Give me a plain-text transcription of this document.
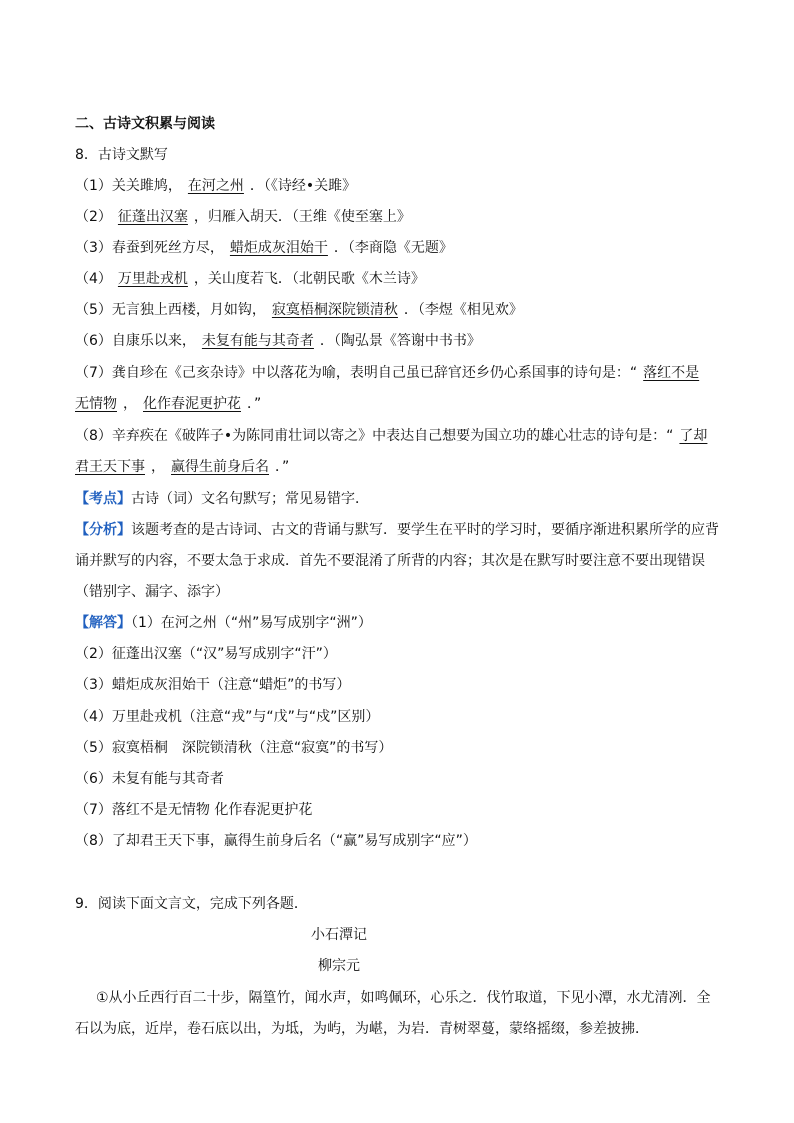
二、古诗文积累与阅读
8．古诗文默写
（1）关关雎鸠， 在河之州 ．（《诗经•关雎》
（2） 征蓬出汉塞 ，归雁入胡天．（王维《使至塞上》
（3）春蚕到死丝方尽， 蜡炬成灰泪始干 ．（李商隐《无题》
（4） 万里赴戎机 ，关山度若飞．（北朝民歌《木兰诗》
（5）无言独上西楼，月如钩， 寂寞梧桐深院锁清秋 ．（李煜《相见欢》
（6）自康乐以来， 未复有能与其奇者 ．（陶弘景《答谢中书书》
（7）龚自珍在《己亥杂诗》中以落花为喻，表明自己虽已辞官还乡仍心系国事的诗句是：“ 落红不是
无情物 ， 化作春泥更护花 ．”
（8）辛弃疾在《破阵子•为陈同甫壮词以寄之》中表达自己想要为国立功的雄心壮志的诗句是：“ 了却
君王天下事 ， 赢得生前身后名 ．”
【考点】古诗（词）文名句默写；常见易错字．
【分析】该题考查的是古诗词、古文的背诵与默写．要学生在平时的学习时，要循序渐进积累所学的应背
诵并默写的内容，不要太急于求成．首先不要混淆了所背的内容；其次是在默写时要注意不要出现错误
（错别字、漏字、添字）
【解答】（1）在河之州（“州”易写成别字“洲”）
（2）征蓬出汉塞（“汉”易写成别字“汗”）
（3）蜡炬成灰泪始干（注意“蜡炬”的书写）
（4）万里赴戎机（注意“戎”与“戊”与“戍”区别）
（5）寂寞梧桐　深院锁清秋（注意“寂寞”的书写）
（6）未复有能与其奇者
（7）落红不是无情物 化作春泥更护花
（8）了却君王天下事，赢得生前身后名（“赢”易写成别字“应”）
9．阅读下面文言文，完成下列各题．
小石潭记
柳宗元
①从小丘西行百二十步，隔篁竹，闻水声，如鸣佩环，心乐之．伐竹取道，下见小潭，水尤清冽．全
石以为底，近岸，卷石底以出，为坻，为屿，为嵁，为岩．青树翠蔓，蒙络摇缀，参差披拂．
